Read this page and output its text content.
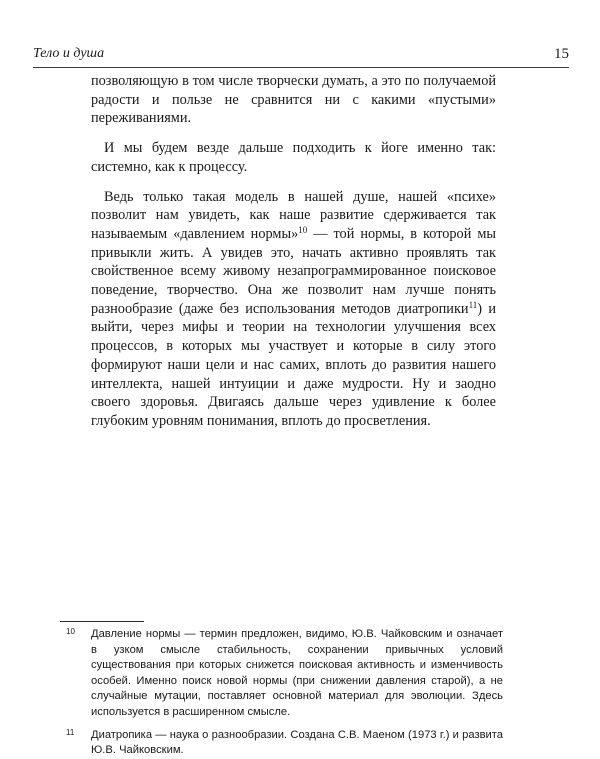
Тело и душа	15

позволяющую в том числе творчески думать, а это по получаемой радости и пользе не сравнится ни с какими «пустыми» переживаниями.

И мы будем везде дальше подходить к йоге именно так: системно, как к процессу.

Ведь только такая модель в нашей душе, нашей «психе» позволит нам увидеть, как наше развитие сдерживается так называемым «давлением нормы»$^{10}$ — той нормы, в которой мы привыкли жить. А увидев это, начать активно проявлять так свойственное всему живому незапрограммированное поисковое поведение, творчество. Она же позволит нам лучше понять разнообразие (даже без использования методов диатропики$^{11}$) и выйти, через мифы и теории на технологии улучшения всех процессов, в которых мы участвует и которые в силу этого формируют наши цели и нас самих, вплоть до развития нашего интеллекта, нашей интуиции и даже мудрости. Ну и заодно своего здоровья. Двигаясь дальше через удивление к более глубоким уровням понимания, вплоть до просветления.

10 Давление нормы — термин предложен, видимо, Ю.В. Чайковским и означает в узком смысле стабильность, сохранении привычных условий существования при которых снижется поисковая активность и изменчивость особей. Именно поиск новой нормы (при снижении давления старой), а не случайные мутации, поставляет основной материал для эволюции. Здесь используется в расширенном смысле.

11 Диатропика — наука о разнообразии. Создана С.В. Маеном (1973 г.) и развита Ю.В. Чайковским.
